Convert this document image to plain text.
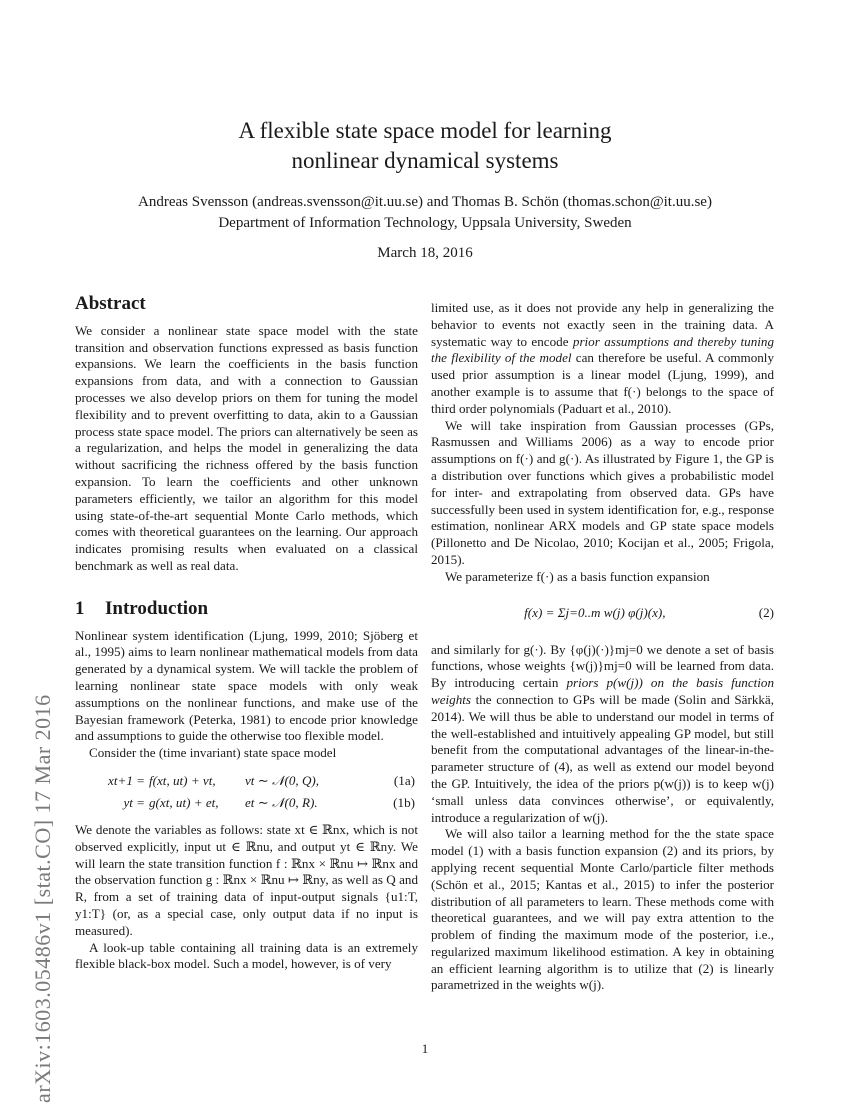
arXiv:1603.05486v1 [stat.CO] 17 Mar 2016
A flexible state space model for learning
nonlinear dynamical systems
Andreas Svensson (andreas.svensson@it.uu.se) and Thomas B. Schön (thomas.schon@it.uu.se)
Department of Information Technology, Uppsala University, Sweden
March 18, 2016
Abstract

We consider a nonlinear state space model with the state transition and observation functions expressed as basis function expansions. We learn the coefficients in the basis function expansions from data, and with a connection to Gaussian processes we also develop priors on them for tuning the model flexibility and to prevent overfitting to data, akin to a Gaussian process state space model. The priors can alternatively be seen as a regularization, and helps the model in generalizing the data without sacrificing the richness offered by the basis function expansion. To learn the coefficients and other unknown parameters efficiently, we tailor an algorithm for this model using state-of-the-art sequential Monte Carlo methods, which comes with theoretical guarantees on the learning. Our approach indicates promising results when evaluated on a classical benchmark as well as real data.

1 Introduction

Nonlinear system identification (Ljung, 1999, 2010; Sjöberg et al., 1995) aims to learn nonlinear mathematical models from data generated by a dynamical system. We will tackle the problem of learning nonlinear state space models with only weak assumptions on the nonlinear functions, and make use of the Bayesian framework (Peterka, 1981) to encode prior knowledge and assumptions to guide the otherwise too flexible model.

Consider the (time invariant) state space model

xt+1 = f(xt, ut) + vt,	vt ∼ 𝒩(0, Q),	(1a)
yt = g(xt, ut) + et,	et ∼ 𝒩(0, R).	(1b)

We denote the variables as follows: state xt ∈ ℝnx, which is not observed explicitly, input ut ∈ ℝnu, and output yt ∈ ℝny. We will learn the state transition function f : ℝnx × ℝnu ↦ ℝnx and the observation function g : ℝnx × ℝnu ↦ ℝny, as well as Q and R, from a set of training data of input-output signals {u1:T, y1:T} (or, as a special case, only output data if no input is measured).

A look-up table containing all training data is an extremely flexible black-box model. Such a model, however, is of very

limited use, as it does not provide any help in generalizing the behavior to events not exactly seen in the training data. A systematic way to encode prior assumptions and thereby tuning the flexibility of the model can therefore be useful. A commonly used prior assumption is a linear model (Ljung, 1999), and another example is to assume that f(·) belongs to the space of third order polynomials (Paduart et al., 2010).

We will take inspiration from Gaussian processes (GPs, Rasmussen and Williams 2006) as a way to encode prior assumptions on f(·) and g(·). As illustrated by Figure 1, the GP is a distribution over functions which gives a probabilistic model for inter- and extrapolating from observed data. GPs have successfully been used in system identification for, e.g., response estimation, nonlinear ARX models and GP state space models (Pillonetto and De Nicolao, 2010; Kocijan et al., 2005; Frigola, 2015).

We parameterize f(·) as a basis function expansion

f(x) = Σj=0..m w(j) φ(j)(x),	(2)

and similarly for g(·). By {φ(j)(·)}mj=0 we denote a set of basis functions, whose weights {w(j)}mj=0 will be learned from data. By introducing certain priors p(w(j)) on the basis function weights the connection to GPs will be made (Solin and Särkkä, 2014). We will thus be able to understand our model in terms of the well-established and intuitively appealing GP model, but still benefit from the computational advantages of the linear-in-the-parameter structure of (4), as well as extend our model beyond the GP. Intuitively, the idea of the priors p(w(j)) is to keep w(j) ‘small unless data convinces otherwise’, or equivalently, introduce a regularization of w(j).

We will also tailor a learning method for the the state space model (1) with a basis function expansion (2) and its priors, by applying recent sequential Monte Carlo/particle filter methods (Schön et al., 2015; Kantas et al., 2015) to infer the posterior distribution of all parameters to learn. These methods come with theoretical guarantees, and we will pay extra attention to the problem of finding the maximum mode of the posterior, i.e., regularized maximum likelihood estimation. A key in obtaining an efficient learning algorithm is to utilize that (2) is linearly parametrized in the weights w(j).

1
